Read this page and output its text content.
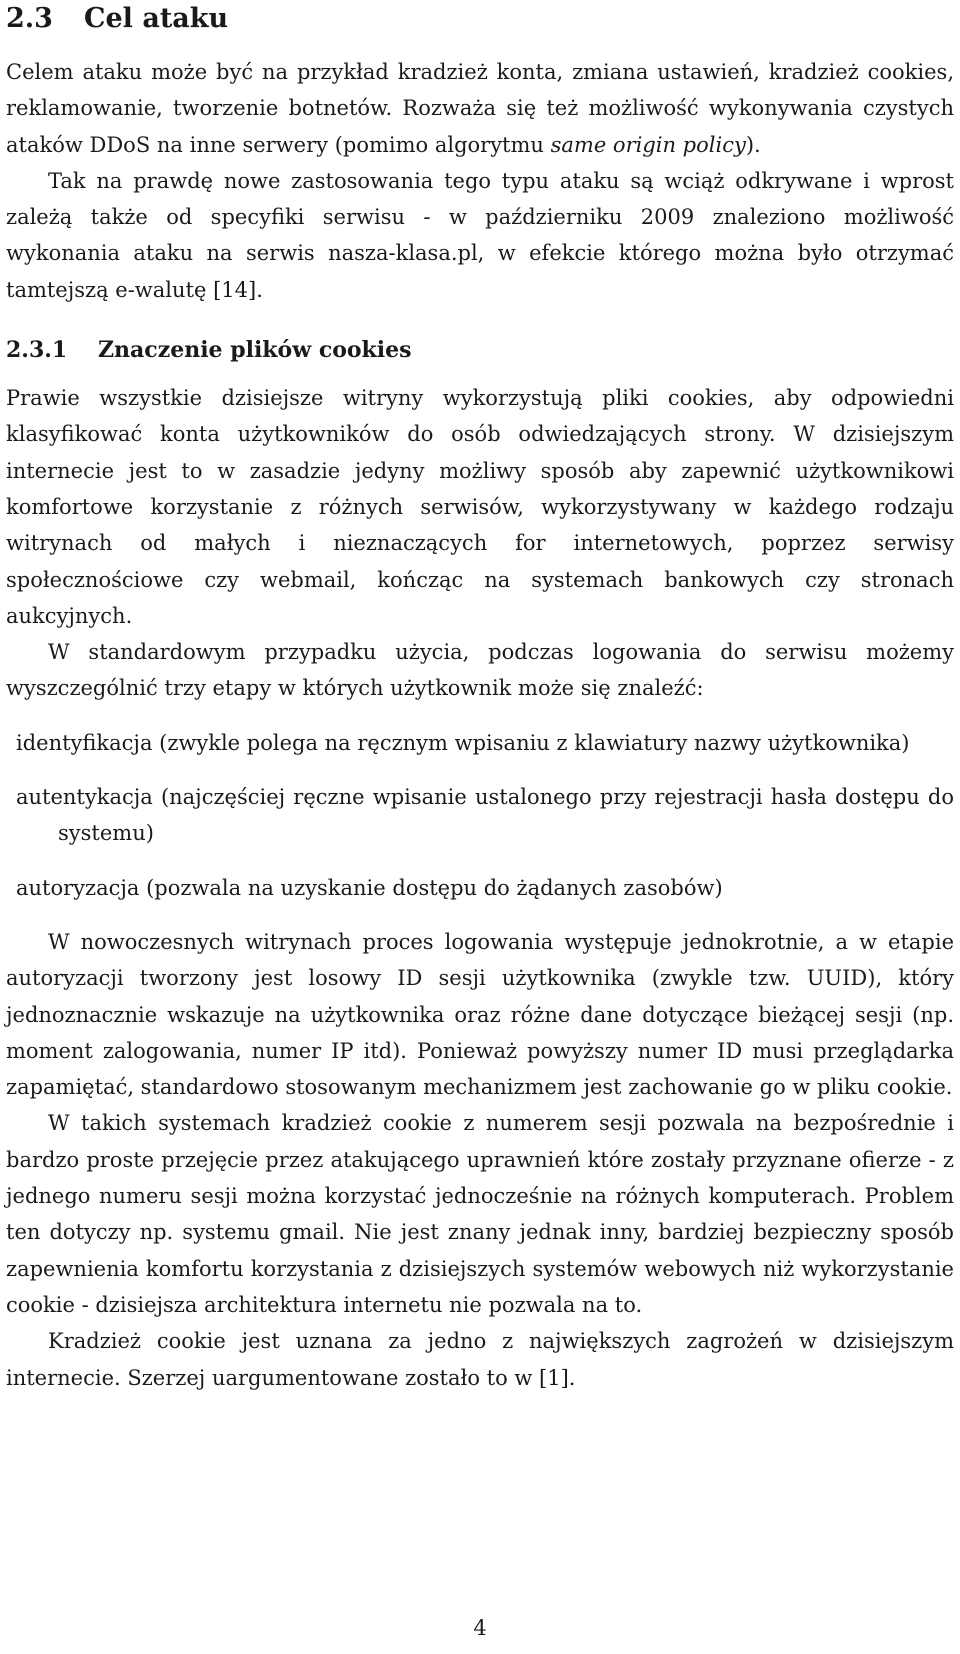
2.3 Cel ataku

Celem ataku może być na przykład kradzież konta, zmiana ustawień, kradzież cookies, reklamowanie, tworzenie botnetów. Rozważa się też możliwość wykonywania czystych ataków DDoS na inne serwery (pomimo algorytmu same origin policy).

Tak na prawdę nowe zastosowania tego typu ataku są wciąż odkrywane i wprost zależą także od specyfiki serwisu - w październiku 2009 znaleziono możliwość wykonania ataku na serwis nasza-klasa.pl, w efekcie którego można było otrzymać tamtejszą e-walutę [14].

2.3.1 Znaczenie plików cookies

Prawie wszystkie dzisiejsze witryny wykorzystują pliki cookies, aby odpowiedni klasyfikować konta użytkowników do osób odwiedzających strony. W dzisiejszym internecie jest to w zasadzie jedyny możliwy sposób aby zapewnić użytkownikowi komfortowe korzystanie z różnych serwisów, wykorzystywany w każdego rodzaju witrynach od małych i nieznaczących for internetowych, poprzez serwisy społecznościowe czy webmail, kończąc na systemach bankowych czy stronach aukcyjnych.

W standardowym przypadku użycia, podczas logowania do serwisu możemy wyszczególnić trzy etapy w których użytkownik może się znaleźć:

identyfikacja (zwykle polega na ręcznym wpisaniu z klawiatury nazwy użytkownika)
autentykacja (najczęściej ręczne wpisanie ustalonego przy rejestracji hasła dostępu do systemu)
autoryzacja (pozwala na uzyskanie dostępu do żądanych zasobów)

W nowoczesnych witrynach proces logowania występuje jednokrotnie, a w etapie autoryzacji tworzony jest losowy ID sesji użytkownika (zwykle tzw. UUID), który jednoznacznie wskazuje na użytkownika oraz różne dane dotyczące bieżącej sesji (np. moment zalogowania, numer IP itd). Ponieważ powyższy numer ID musi przeglądarka zapamiętać, standardowo stosowanym mechanizmem jest zachowanie go w pliku cookie.

W takich systemach kradzież cookie z numerem sesji pozwala na bezpośrednie i bardzo proste przejęcie przez atakującego uprawnień które zostały przyznane ofierze - z jednego numeru sesji można korzystać jednocześnie na różnych komputerach. Problem ten dotyczy np. systemu gmail. Nie jest znany jednak inny, bardziej bezpieczny sposób zapewnienia komfortu korzystania z dzisiejszych systemów webowych niż wykorzystanie cookie - dzisiejsza architektura internetu nie pozwala na to.

Kradzież cookie jest uznana za jedno z największych zagrożeń w dzisiejszym internecie. Szerzej uargumentowane zostało to w [1].

4
